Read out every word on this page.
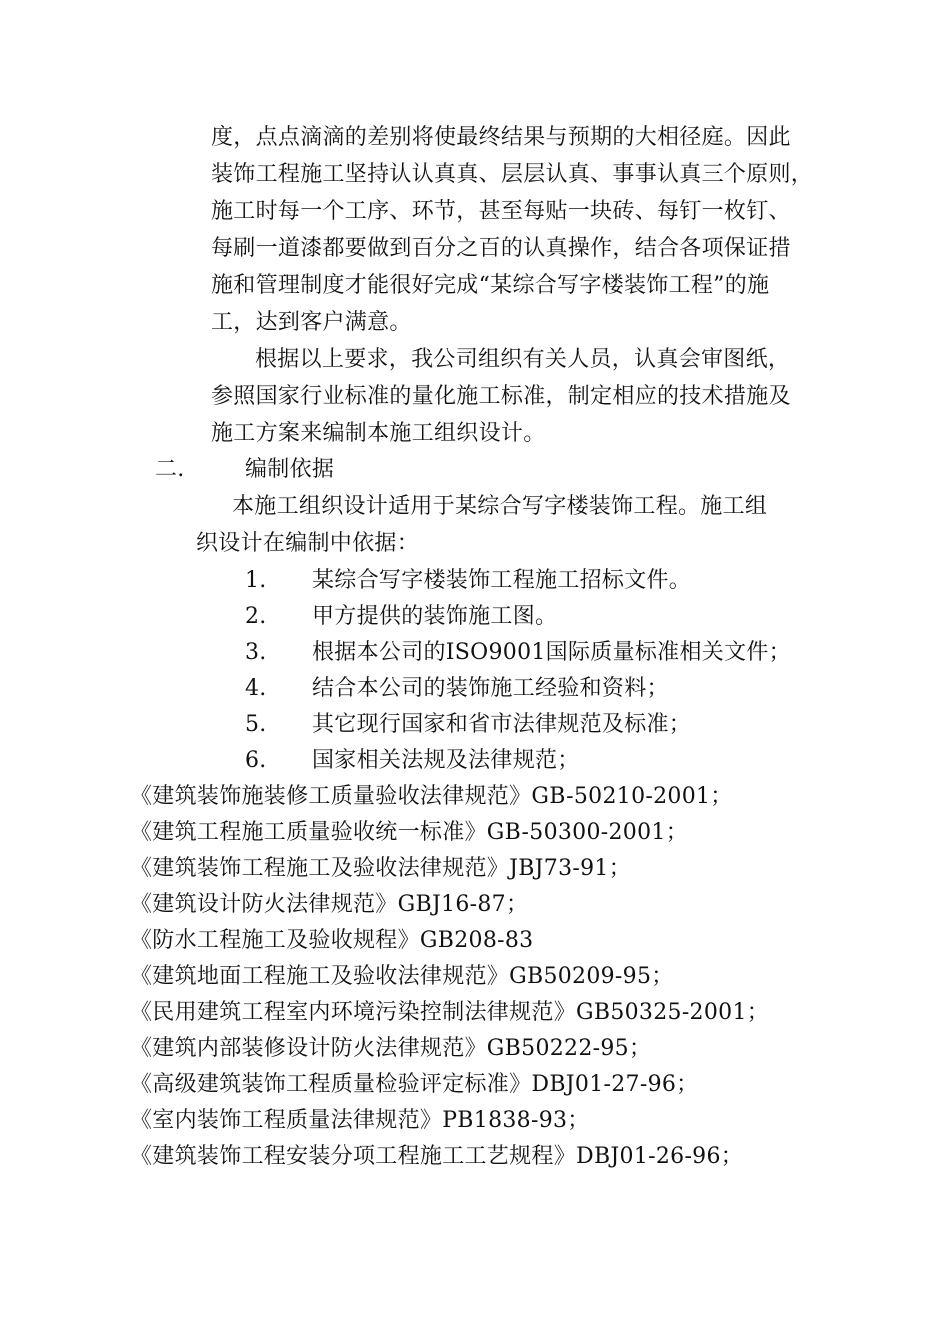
度，点点滴滴的差别将使最终结果与预期的大相径庭。因此
装饰工程施工坚持认认真真、层层认真、事事认真三个原则，
施工时每一个工序、环节，甚至每贴一块砖、每钉一枚钉、
每刷一道漆都要做到百分之百的认真操作，结合各项保证措
施和管理制度才能很好完成“某综合写字楼装饰工程”的施
工，达到客户满意。
根据以上要求，我公司组织有关人员，认真会审图纸，
参照国家行业标准的量化施工标准，制定相应的技术措施及
施工方案来编制本施工组织设计。
二.	编制依据
本施工组织设计适用于某综合写字楼装饰工程。施工组
织设计在编制中依据：
1. 某综合写字楼装饰工程施工招标文件。
2. 甲方提供的装饰施工图。
3. 根据本公司的ISO9001国际质量标准相关文件；
4. 结合本公司的装饰施工经验和资料；
5. 其它现行国家和省市法律规范及标准；
6. 国家相关法规及法律规范；
《建筑装饰施装修工质量验收法律规范》GB-50210-2001；
《建筑工程施工质量验收统一标准》GB-50300-2001；
《建筑装饰工程施工及验收法律规范》JBJ73-91；
《建筑设计防火法律规范》GBJ16-87；
《防水工程施工及验收规程》GB208-83
《建筑地面工程施工及验收法律规范》GB50209-95；
《民用建筑工程室内环境污染控制法律规范》GB50325-2001；
《建筑内部装修设计防火法律规范》GB50222-95；
《高级建筑装饰工程质量检验评定标准》DBJ01-27-96；
《室内装饰工程质量法律规范》PB1838-93；
《建筑装饰工程安装分项工程施工工艺规程》DBJ01-26-96；
